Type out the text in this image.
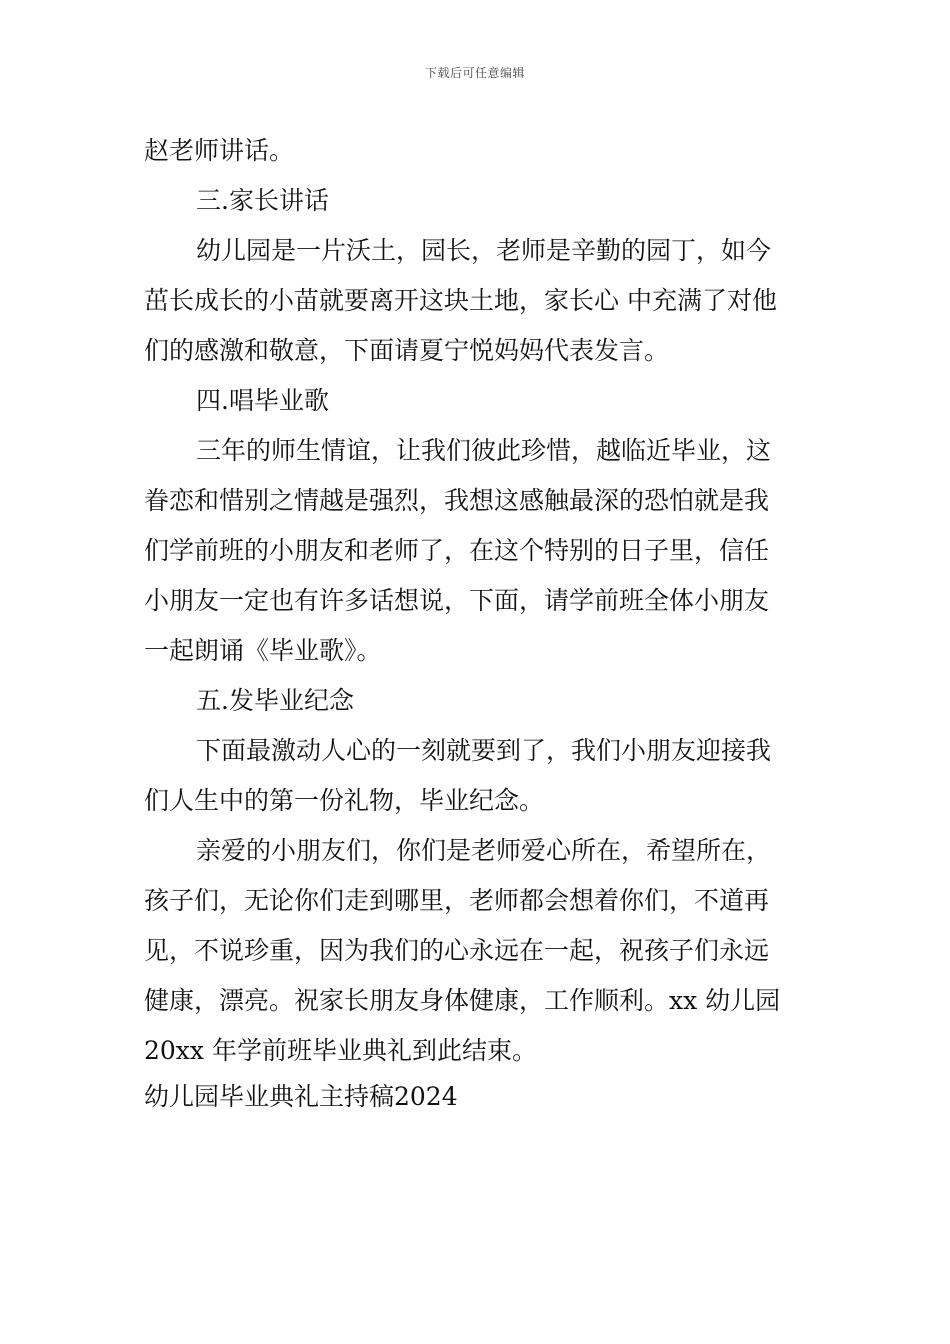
下载后可任意编辑
赵老师讲话。
三.家长讲话
幼儿园是一片沃土，园长，老师是辛勤的园丁，如今
茁长成长的小苗就要离开这块土地，家长心 中充满了对他
们的感激和敬意，下面请夏宁悦妈妈代表发言。
四.唱毕业歌
三年的师生情谊，让我们彼此珍惜，越临近毕业，这
眷恋和惜别之情越是强烈，我想这感触最深的恐怕就是我
们学前班的小朋友和老师了，在这个特别的日子里，信任
小朋友一定也有许多话想说，下面，请学前班全体小朋友
一起朗诵《毕业歌》。
五.发毕业纪念
下面最激动人心的一刻就要到了，我们小朋友迎接我
们人生中的第一份礼物，毕业纪念。
亲爱的小朋友们，你们是老师爱心所在，希望所在，
孩子们，无论你们走到哪里，老师都会想着你们，不道再
见，不说珍重，因为我们的心永远在一起，祝孩子们永远
健康，漂亮。祝家长朋友身体健康，工作顺利。xx 幼儿园
20xx 年学前班毕业典礼到此结束。
幼儿园毕业典礼主持稿2024
